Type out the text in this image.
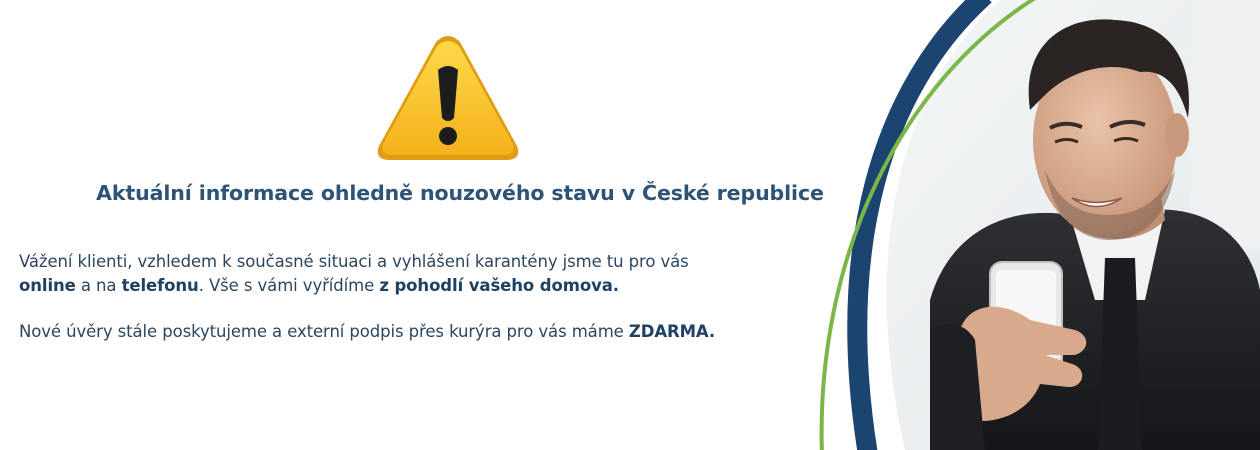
Aktuální informace ohledně nouzového stavu v České republice
Vážení klienti, vzhledem k současné situaci a vyhlášení karantény jsme tu pro vás
online a na telefonu. Vše s vámi vyřídíme z pohodlí vašeho domova.
Nové úvěry stále poskytujeme a externí podpis přes kurýra pro vás máme ZDARMA.
